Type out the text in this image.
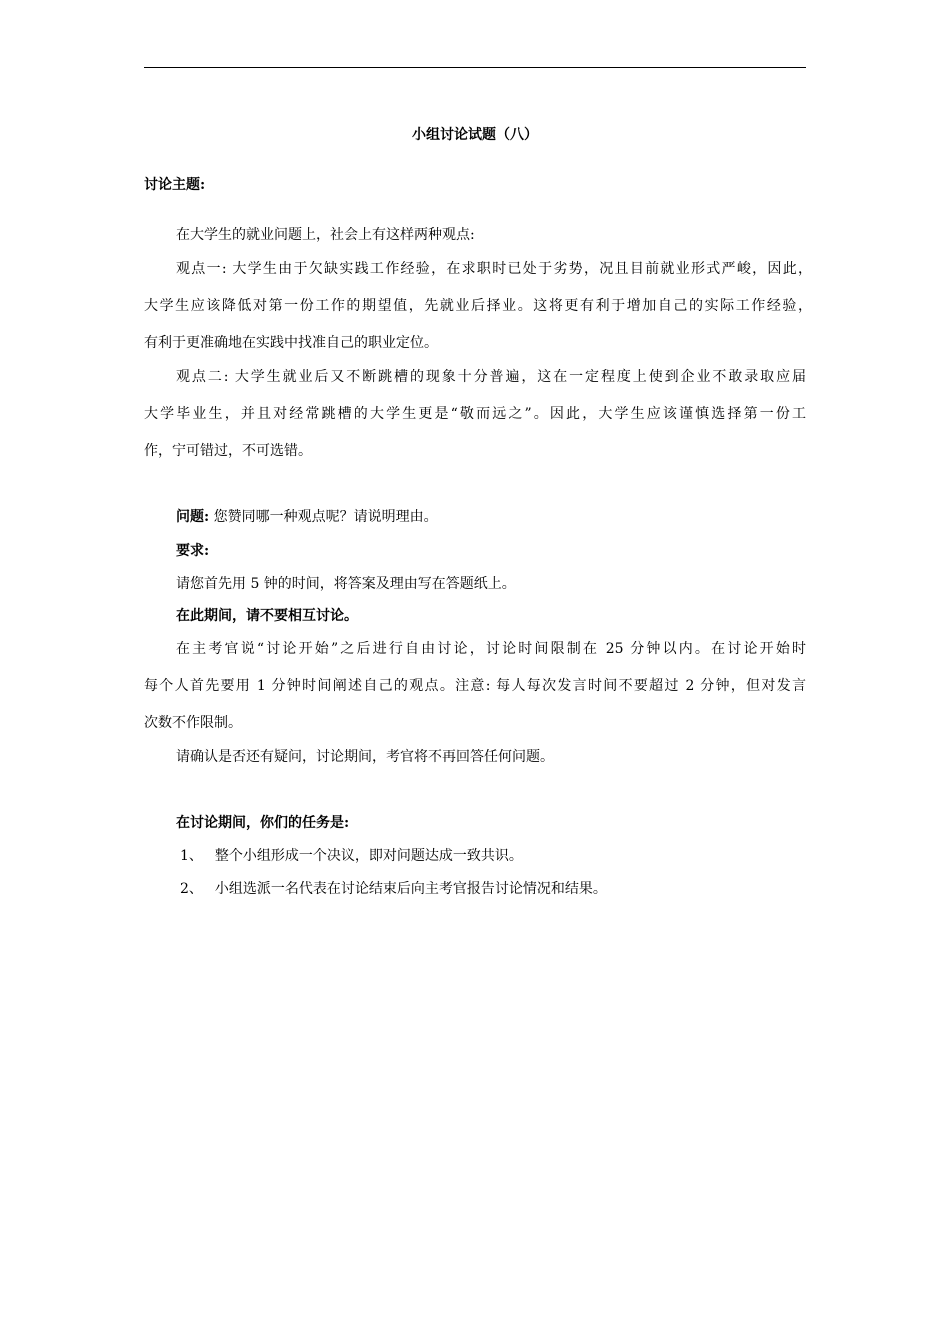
小组讨论试题（八）
讨论主题:
在大学生的就业问题上，社会上有这样两种观点:
观点一: 大学生由于欠缺实践工作经验，在求职时已处于劣势，况且目前就业形式严峻，因此，
大学生应该降低对第一份工作的期望值，先就业后择业。这将更有利于增加自己的实际工作经验，
有利于更准确地在实践中找准自己的职业定位。
观点二: 大学生就业后又不断跳槽的现象十分普遍，这在一定程度上使到企业不敢录取应届
大学毕业生，并且对经常跳槽的大学生更是“敬而远之”。因此，大学生应该谨慎选择第一份工
作，宁可错过，不可选错。
问题: 您赞同哪一种观点呢？请说明理由。
要求:
请您首先用 5 钟的时间，将答案及理由写在答题纸上。
在此期间，请不要相互讨论。
在主考官说“讨论开始”之后进行自由讨论，讨论时间限制在 25 分钟以内。在讨论开始时
每个人首先要用 1 分钟时间阐述自己的观点。注意: 每人每次发言时间不要超过 2 分钟，但对发言
次数不作限制。
请确认是否还有疑问，讨论期间，考官将不再回答任何问题。
在讨论期间，你们的任务是:
1、 整个小组形成一个决议，即对问题达成一致共识。
2、 小组选派一名代表在讨论结束后向主考官报告讨论情况和结果。
